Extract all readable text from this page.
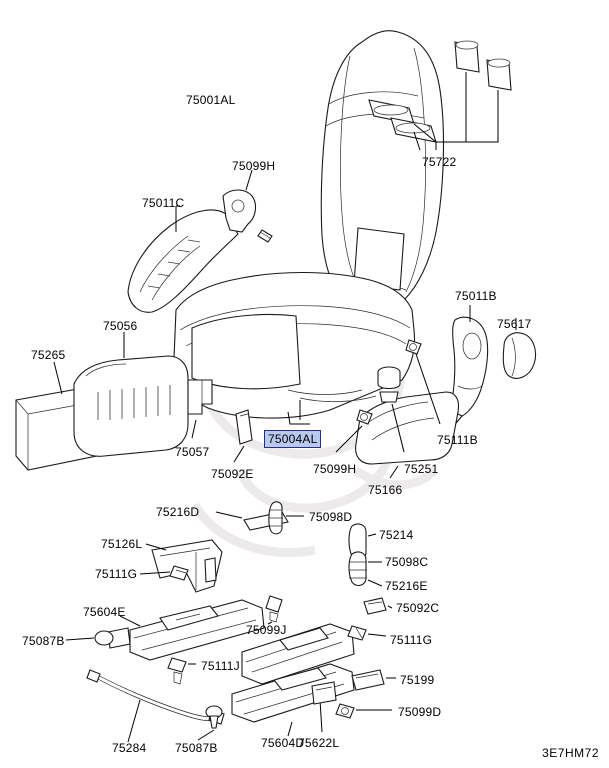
75001AL
75099H
75011C
75722
75011B
75617
75056
75265
75057
75092E
75004AL
75099H	75251
75111B
75166
75216D	75098D
75126L
75214
75111G
75098C
75216E
75092C
75604E
75099J
75087B	75111G
75111J
75199
75099D
75284 75087B	75604D
75622L
3E7HM72
